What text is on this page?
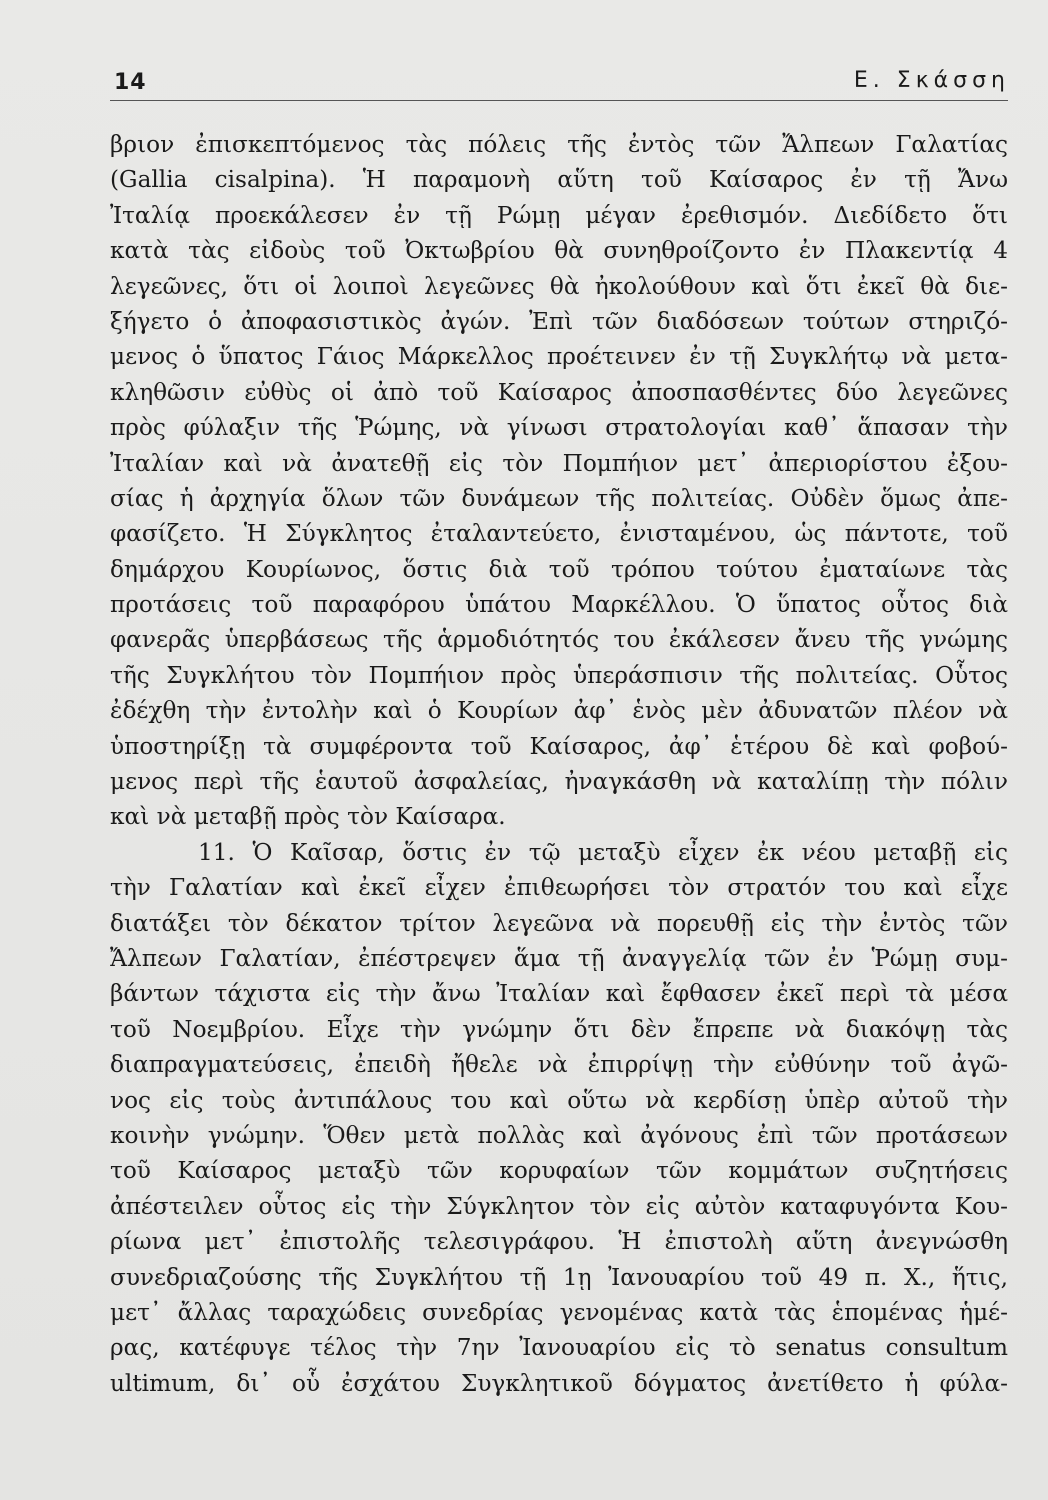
14	Ε. Σκάσση
βριον ἐπισκεπτόμενος τὰς πόλεις τῆς ἐντὸς τῶν Ἄλπεων Γαλατίας
(Gallia cisalpina). Ἡ παραμονὴ αὕτη τοῦ Καίσαρος ἐν τῇ Ἄνω
Ἰταλίᾳ προεκάλεσεν ἐν τῇ Ρώμῃ μέγαν ἐρεθισμόν. Διεδίδετο ὅτι
κατὰ τὰς εἰδοὺς τοῦ Ὀκτωβρίου θὰ συνηθροίζοντο ἐν Πλακεντίᾳ 4
λεγεῶνες, ὅτι οἱ λοιποὶ λεγεῶνες θὰ ἠκολούθουν καὶ ὅτι ἐκεῖ θὰ διε-
ξήγετο ὁ ἀποφασιστικὸς ἀγών. Ἐπὶ τῶν διαδόσεων τούτων στηριζό-
μενος ὁ ὕπατος Γάιος Μάρκελλος προέτεινεν ἐν τῇ Συγκλήτῳ νὰ μετα-
κληθῶσιν εὐθὺς οἱ ἀπὸ τοῦ Καίσαρος ἀποσπασθέντες δύο λεγεῶνες
πρὸς φύλαξιν τῆς Ῥώμης, νὰ γίνωσι στρατολογίαι καθ᾽ ἅπασαν τὴν
Ἰταλίαν καὶ νὰ ἀνατεθῇ εἰς τὸν Πομπήιον μετ᾽ ἀπεριορίστου ἐξου-
σίας ἡ ἀρχηγία ὅλων τῶν δυνάμεων τῆς πολιτείας. Οὐδὲν ὅμως ἀπε-
φασίζετο. Ἡ Σύγκλητος ἐταλαντεύετο, ἐνισταμένου, ὡς πάντοτε, τοῦ
δημάρχου Κουρίωνος, ὅστις διὰ τοῦ τρόπου τούτου ἐματαίωνε τὰς
προτάσεις τοῦ παραφόρου ὑπάτου Μαρκέλλου. Ὁ ὕπατος οὗτος διὰ
φανερᾶς ὑπερβάσεως τῆς ἁρμοδιότητός του ἐκάλεσεν ἄνευ τῆς γνώμης
τῆς Συγκλήτου τὸν Πομπήιον πρὸς ὑπεράσπισιν τῆς πολιτείας. Οὗτος
ἐδέχθη τὴν ἐντολὴν καὶ ὁ Κουρίων ἀφ᾽ ἑνὸς μὲν ἀδυνατῶν πλέον νὰ
ὑποστηρίξῃ τὰ συμφέροντα τοῦ Καίσαρος, ἀφ᾽ ἑτέρου δὲ καὶ φοβού-
μενος περὶ τῆς ἑαυτοῦ ἀσφαλείας, ἠναγκάσθη νὰ καταλίπῃ τὴν πόλιν
καὶ νὰ μεταβῇ πρὸς τὸν Καίσαρα.
11. Ὁ Καῖσαρ, ὅστις ἐν τῷ μεταξὺ εἶχεν ἐκ νέου μεταβῇ εἰς
τὴν Γαλατίαν καὶ ἐκεῖ εἶχεν ἐπιθεωρήσει τὸν στρατόν του καὶ εἶχε
διατάξει τὸν δέκατον τρίτον λεγεῶνα νὰ πορευθῇ εἰς τὴν ἐντὸς τῶν
Ἄλπεων Γαλατίαν, ἐπέστρεψεν ἅμα τῇ ἀναγγελίᾳ τῶν ἐν Ῥώμῃ συμ-
βάντων τάχιστα εἰς τὴν ἄνω Ἰταλίαν καὶ ἔφθασεν ἐκεῖ περὶ τὰ μέσα
τοῦ Νοεμβρίου. Εἶχε τὴν γνώμην ὅτι δὲν ἔπρεπε νὰ διακόψῃ τὰς
διαπραγματεύσεις, ἐπειδὴ ἤθελε νὰ ἐπιρρίψῃ τὴν εὐθύνην τοῦ ἀγῶ-
νος εἰς τοὺς ἀντιπάλους του καὶ οὕτω νὰ κερδίσῃ ὑπὲρ αὐτοῦ τὴν
κοινὴν γνώμην. Ὅθεν μετὰ πολλὰς καὶ ἀγόνους ἐπὶ τῶν προτάσεων
τοῦ Καίσαρος μεταξὺ τῶν κορυφαίων τῶν κομμάτων συζητήσεις
ἀπέστειλεν οὗτος εἰς τὴν Σύγκλητον τὸν εἰς αὐτὸν καταφυγόντα Κου-
ρίωνα μετ᾽ ἐπιστολῆς τελεσιγράφου. Ἡ ἐπιστολὴ αὕτη ἀνεγνώσθη
συνεδριαζούσης τῆς Συγκλήτου τῇ 1ῃ Ἰανουαρίου τοῦ 49 π. Χ., ἥτις,
μετ᾽ ἄλλας ταραχώδεις συνεδρίας γενομένας κατὰ τὰς ἑπομένας ἡμέ-
ρας, κατέφυγε τέλος τὴν 7ην Ἰανουαρίου εἰς τὸ senatus consultum
ultimum, δι᾽ οὗ ἐσχάτου Συγκλητικοῦ δόγματος ἀνετίθετο ἡ φύλα-
